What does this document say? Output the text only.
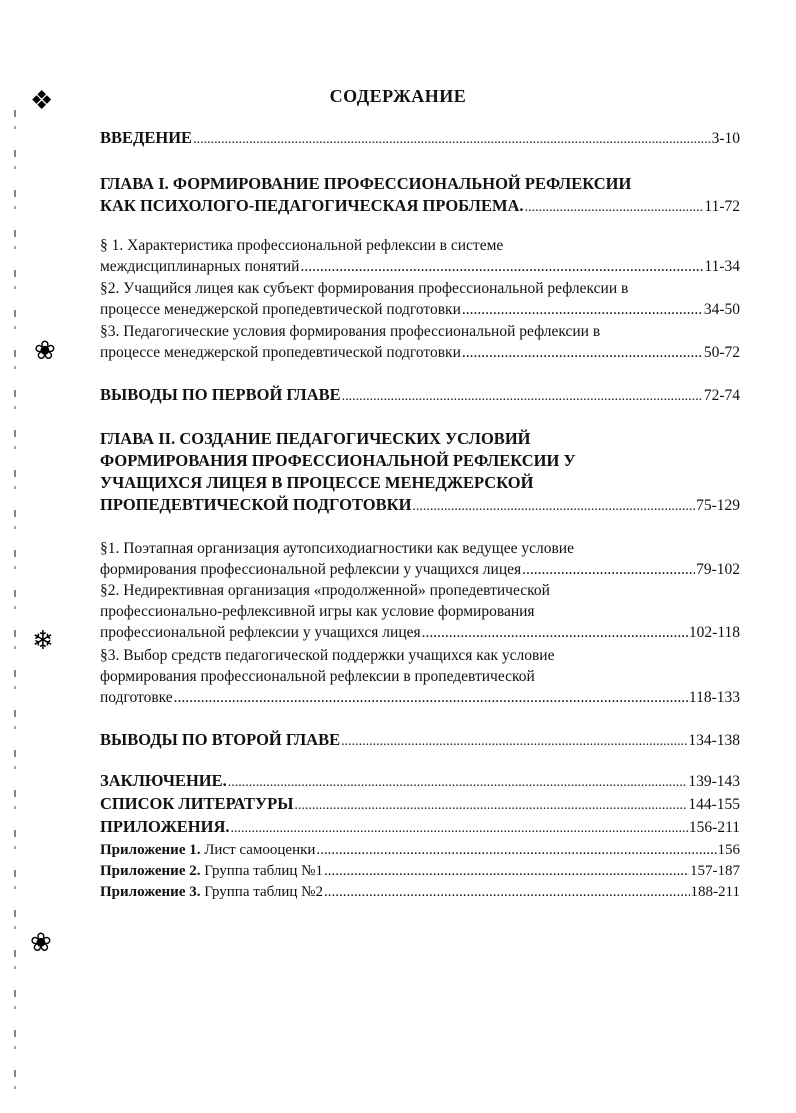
❖
❀
❄
❀
СОДЕРЖАНИЕ
ВВЕДЕНИЕ .....	3-10
ГЛАВА I. ФОРМИРОВАНИЕ ПРОФЕССИОНАЛЬНОЙ РЕФЛЕКСИИ
КАК ПСИХОЛОГО-ПЕДАГОГИЧЕСКАЯ ПРОБЛЕМА. .....	11-72
§ 1. Характеристика профессиональной рефлексии в системе
междисциплинарных понятий .....	11-34
§2. Учащийся лицея как субъект формирования профессиональной рефлексии в
процессе менеджерской пропедевтической подготовки .....	34-50
§3. Педагогические условия формирования профессиональной рефлексии в
процессе менеджерской пропедевтической подготовки .....	50-72
ВЫВОДЫ ПО ПЕРВОЙ ГЛАВЕ .....	72-74
ГЛАВА II. СОЗДАНИЕ ПЕДАГОГИЧЕСКИХ УСЛОВИЙ
ФОРМИРОВАНИЯ ПРОФЕССИОНАЛЬНОЙ РЕФЛЕКСИИ У
УЧАЩИХСЯ ЛИЦЕЯ В ПРОЦЕССЕ МЕНЕДЖЕРСКОЙ
ПРОПЕДЕВТИЧЕСКОЙ ПОДГОТОВКИ .....	75-129
§1. Поэтапная организация аутопсиходиагностики как ведущее условие
формирования профессиональной рефлексии у учащихся лицея .....	79-102
§2. Недирективная организация «продолженной» пропедевтической
профессионально-рефлексивной игры как условие формирования
профессиональной рефлексии у учащихся лицея .....	102-118
§3. Выбор средств педагогической поддержки учащихся как условие
формирования профессиональной рефлексии в пропедевтической
подготовке .....	118-133
ВЫВОДЫ ПО ВТОРОЙ ГЛАВЕ .....	134-138
ЗАКЛЮЧЕНИЕ. .....	139-143
СПИСОК ЛИТЕРАТУРЫ .....	144-155
ПРИЛОЖЕНИЯ. .....	156-211
Приложение 1. Лист самооценки .....	156
Приложение 2. Группа таблиц №1 .....	157-187
Приложение 3. Группа таблиц №2 .....	188-211
